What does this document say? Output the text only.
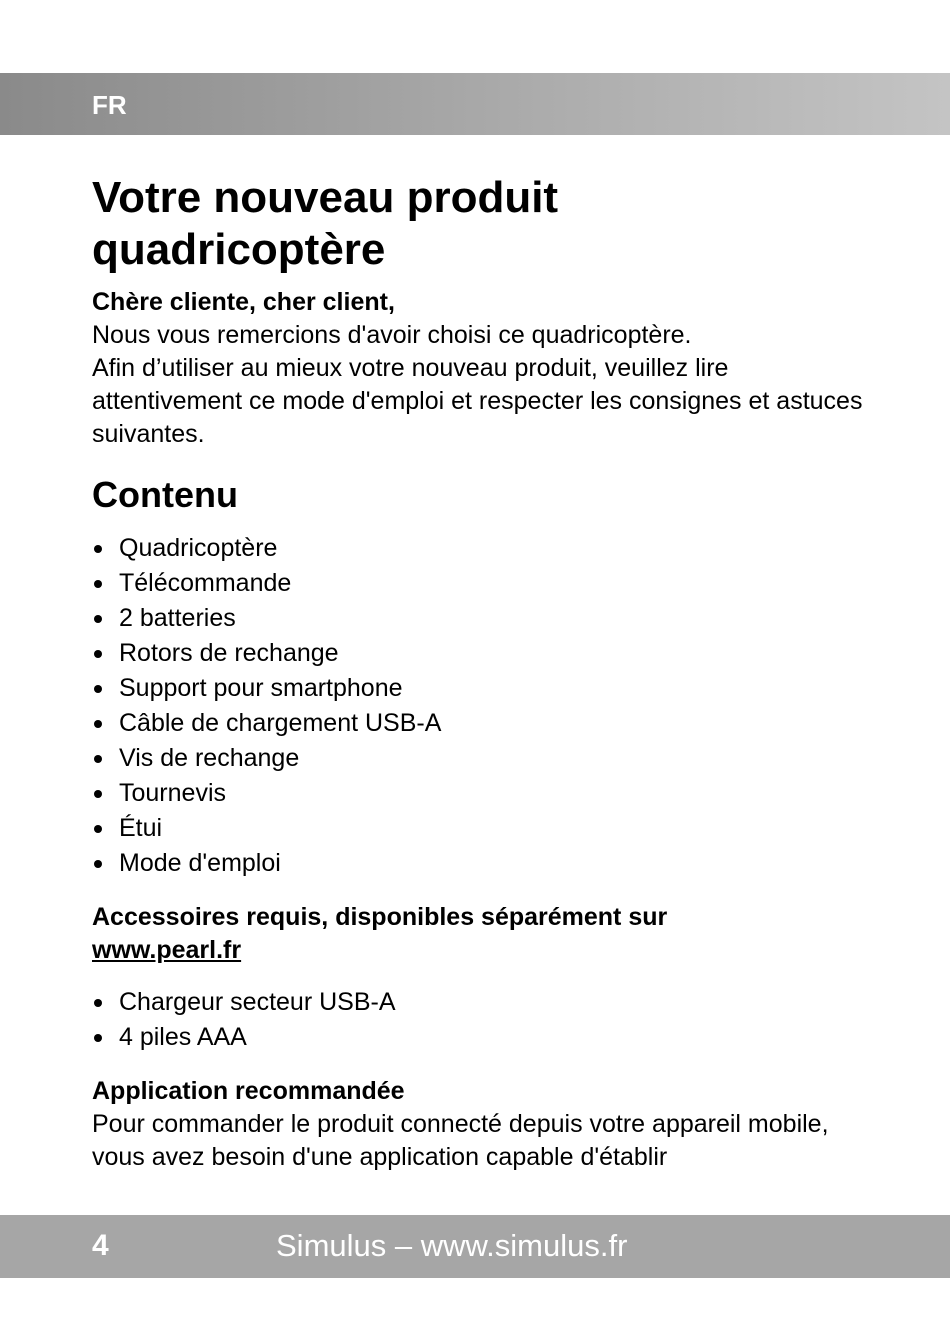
FR
Votre nouveau produit
quadricoptère

Chère cliente, cher client,

Nous vous remercions d'avoir choisi ce quadricoptère.

Afin d’utiliser au mieux votre nouveau produit, veuillez lire attentivement ce mode d'emploi et respecter les consignes et astuces suivantes.

Contenu
Quadricoptère
Télécommande
2 batteries
Rotors de rechange
Support pour smartphone
Câble de chargement USB-A
Vis de rechange
Tournevis
Étui
Mode d'emploi

Accessoires requis, disponibles séparément sur
www.pearl.fr

Chargeur secteur USB-A
4 piles AAA

Application recommandée

Pour commander le produit connecté depuis votre appareil mobile, vous avez besoin d'une application capable d'établir

4	Simulus – www.simulus.fr
